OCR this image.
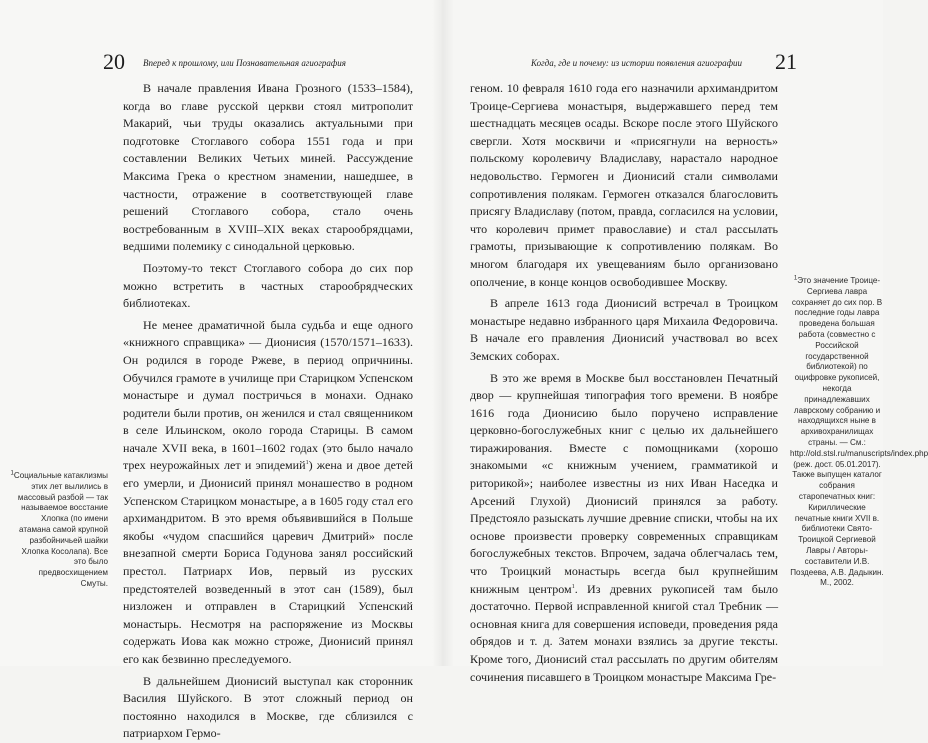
20 Вперед к прошлому, или Познавательная агиография

В начале правления Ивана Грозного (1533–1584), когда во главе русской церкви стоял митрополит Макарий, чьи труды оказались актуальными при подготовке Стоглавого собора 1551 года и при составлении Великих Четьих миней. Рассуждение Максима Грека о крестном знамении, нашедшее, в частности, отражение в соответствующей главе решений Стоглавого собора, стало очень востребованным в XVIII–XIX веках старообрядцами, ведшими полемику с синодальной церковью.

Поэтому-то текст Стоглавого собора до сих пор можно встретить в частных старообрядческих библиотеках.

Не менее драматичной была судьба и еще одного «книжного справщика» — Дионисия (1570/1571–1633). Он родился в городе Ржеве, в период опричнины. Обучился грамоте в училище при Старицком Успенском монастыре и думал постричься в монахи. Однако родители были против, он женился и стал священником в селе Ильинском, около города Старицы. В самом начале XVII века, в 1601–1602 годах (это было начало трех неурожайных лет и эпидемий$^1$) жена и двое детей его умерли, и Дионисий принял монашество в родном Успенском Старицком монастыре, а в 1605 году стал его архимандритом. В это время объявившийся в Польше якобы «чудом спасшийся царевич Дмитрий» после внезапной смерти Бориса Годунова занял российский престол. Патриарх Иов, первый из русских предстоятелей возведенный в этот сан (1589), был низложен и отправлен в Старицкий Успенский монастырь. Несмотря на распоряжение из Москвы содержать Иова как можно строже, Дионисий принял его как безвинно преследуемого.

В дальнейшем Дионисий выступал как сторонник Василия Шуйского. В этот сложный период он постоянно находился в Москве, где сблизился с патриархом Гермо-

$^1$Социальные катаклизмы этих лет вылились в массовый разбой — так называемое восстание Хлопка (по имени атамана самой крупной разбойничьей шайки Хлопка Косолапа). Все это было предвосхищением Смуты.
Когда, где и почему: из истории появления агиографии 21

геном. 10 февраля 1610 года его назначили архимандритом Троице-Сергиева монастыря, выдержавшего перед тем шестнадцать месяцев осады. Вскоре после этого Шуйского свергли. Хотя москвичи и «присягнули на верность» польскому королевичу Владиславу, нарастало народное недовольство. Гермоген и Дионисий стали символами сопротивления полякам. Гермоген отказался благословить присягу Владиславу (потом, правда, согласился на условии, что королевич примет православие) и стал рассылать грамоты, призывающие к сопротивлению полякам. Во многом благодаря их увещеваниям было организовано ополчение, в конце концов освободившее Москву.

В апреле 1613 года Дионисий встречал в Троицком монастыре недавно избранного царя Михаила Федоровича. В начале его правления Дионисий участвовал во всех Земских соборах.

В это же время в Москве был восстановлен Печатный двор — крупнейшая типография того времени. В ноябре 1616 года Дионисию было поручено исправление церковно-богослужебных книг с целью их дальнейшего тиражирования. Вместе с помощниками (хорошо знакомыми «с книжным учением, грамматикой и риторикой»; наиболее известны из них Иван Наседка и Арсений Глухой) Дионисий принялся за работу. Предстояло разыскать лучшие древние списки, чтобы на их основе произвести проверку современных справщикам богослужебных текстов. Впрочем, задача облегчалась тем, что Троицкий монастырь всегда был крупнейшим книжным центром$^1$. Из древних рукописей там было достаточно. Первой исправленной книгой стал Требник — основная книга для совершения исповеди, проведения ряда обрядов и т. д. Затем монахи взялись за другие тексты. Кроме того, Дионисий стал рассылать по другим обителям сочинения писавшего в Троицком монастыре Максима Гре-

$^1$Это значение Троице-Сергиева лавра сохраняет до сих пор. В последние годы лавра проведена большая работа (совместно с Российской государственной библиотекой) по оцифровке рукописей, некогда принадлежавших лаврскому собранию и находящихся ныне в архивохранилищах страны. — См.: http://old.stsl.ru/manuscripts/index.php (реж. дост. 05.01.2017). Также выпущен каталог собрания старопечатных книг: Кириллические печатные книги XVII в. библиотеки Свято-Троицкой Сергиевой Лавры / Авторы-составители И.В. Поздеева, А.В. Дадыкин. М., 2002.
